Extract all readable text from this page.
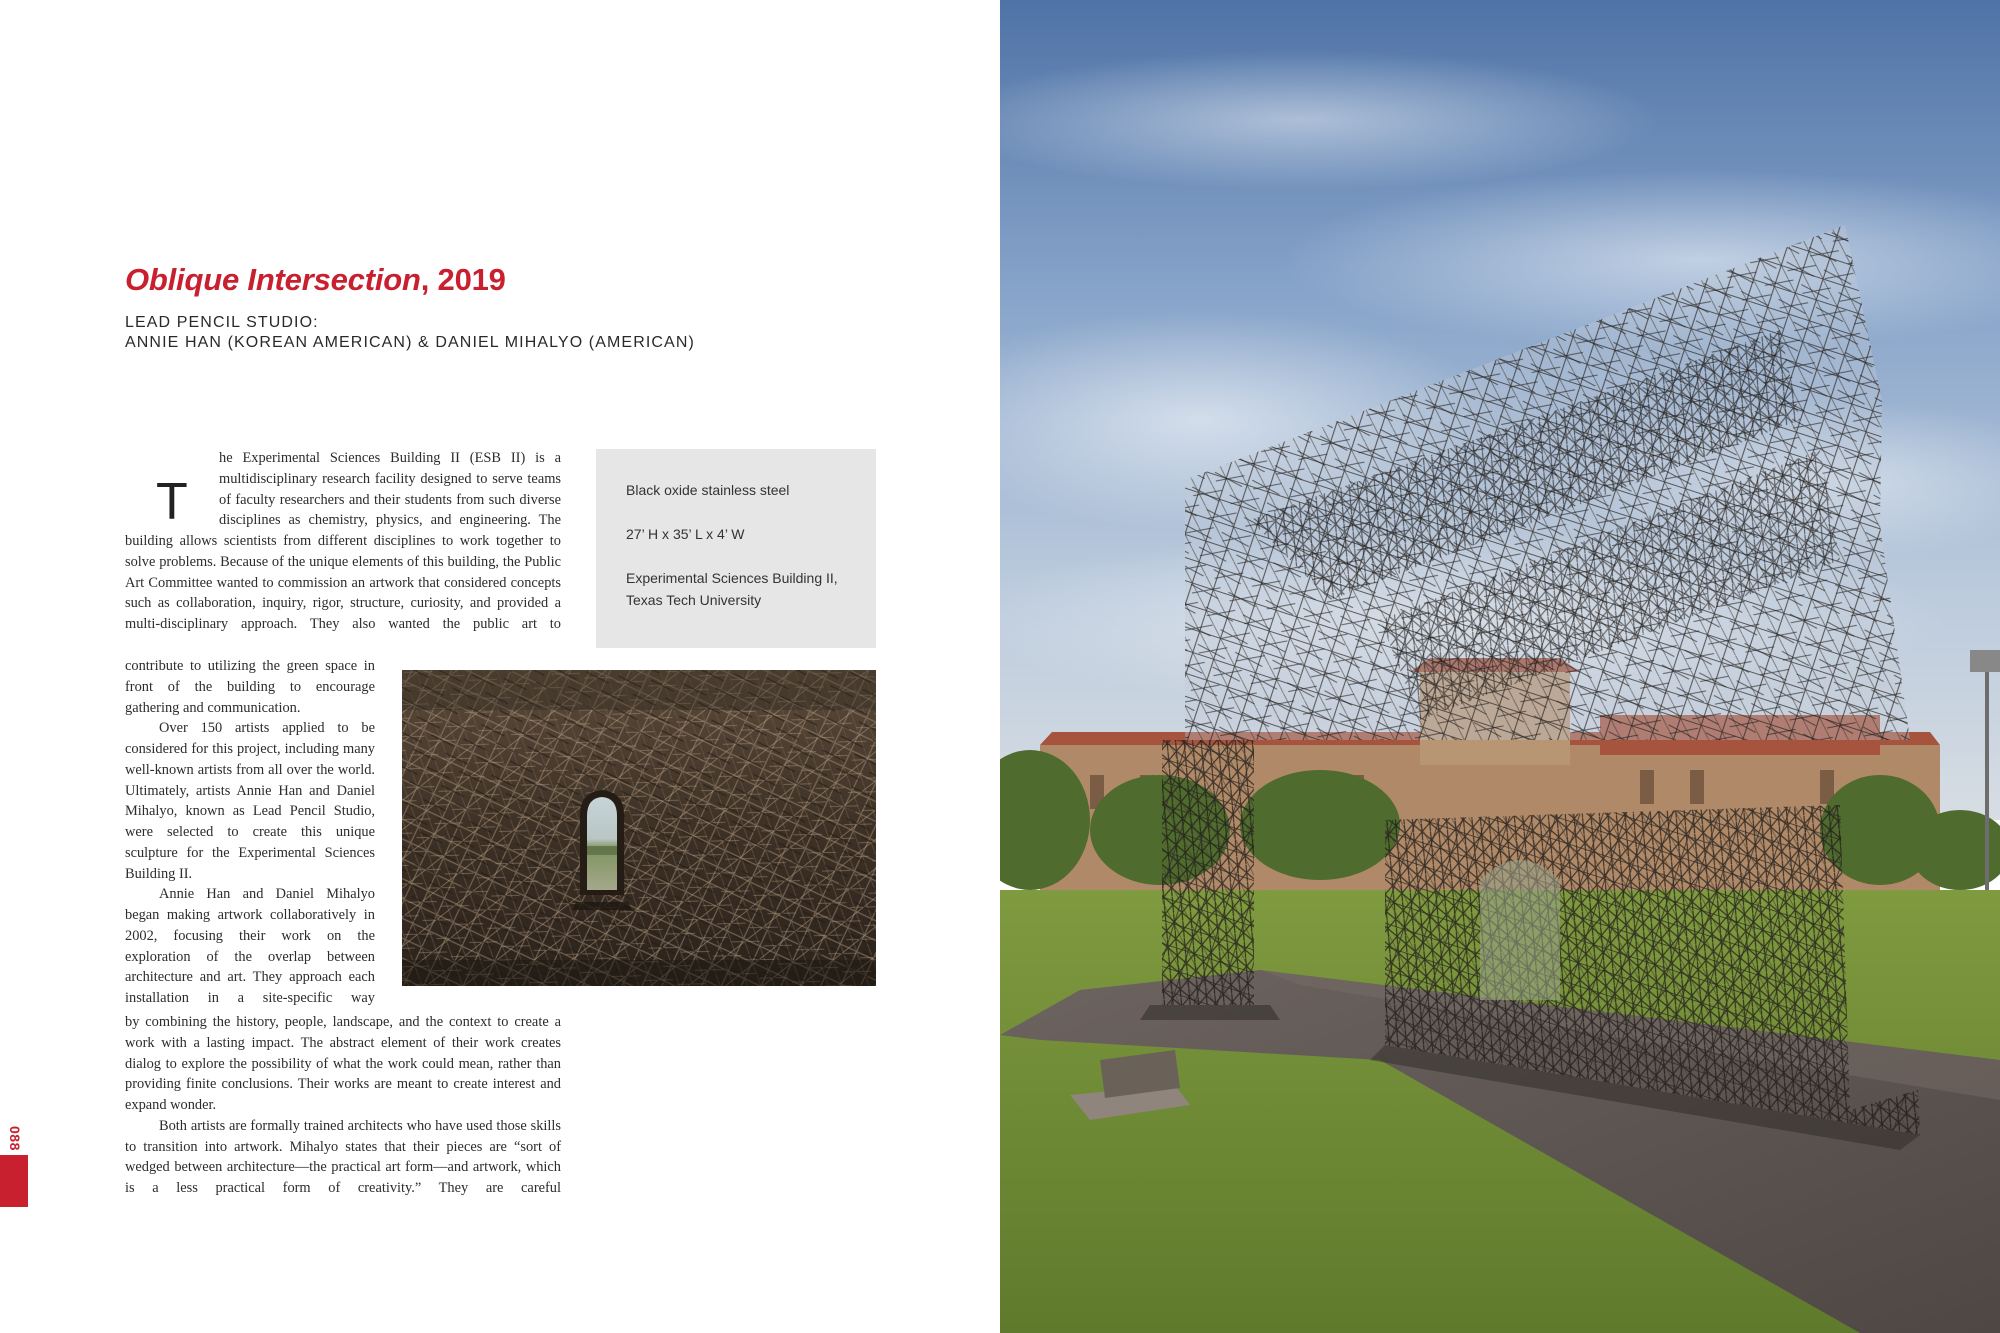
Oblique Intersection, 2019
LEAD PENCIL STUDIO:
ANNIE HAN (KOREAN AMERICAN) & DANIEL MIHALYO (AMERICAN)
T

he Experimental Sciences Building II (ESB II) is a multidisciplinary research facility designed to serve teams of faculty researchers and their students from such diverse disciplines as chemistry, physics, and engineering. The building allows scientists from different disciplines to work together to solve problems. Because of the unique elements of this building, the Public Art Committee wanted to commission an artwork that considered concepts such as collaboration, inquiry, rigor, structure, curiosity, and provided a multi-disciplinary approach. They also wanted the public art to

contribute to utilizing the green space in front of the building to encourage gathering and communication.

Over 150 artists applied to be considered for this project, including many well-known artists from all over the world. Ultimately, artists Annie Han and Daniel Mihalyo, known as Lead Pencil Studio, were selected to create this unique sculpture for the Experimental Sciences Building II.

Annie Han and Daniel Mihalyo began making artwork collaboratively in 2002, focusing their work on the exploration of the overlap between architecture and art. They approach each installation in a site-specific way

by combining the history, people, landscape, and the context to create a work with a lasting impact. The abstract element of their work creates dialog to explore the possibility of what the work could mean, rather than providing finite conclusions. Their works are meant to create interest and expand wonder.

Both artists are formally trained architects who have used those skills to transition into artwork. Mihalyo states that their pieces are “sort of wedged between architecture—the practical art form—and artwork, which is a less practical form of creativity.” They are careful

Black oxide stainless steel

27’ H x 35’ L x 4’ W

Experimental Sciences Building II,
Texas Tech University

088
